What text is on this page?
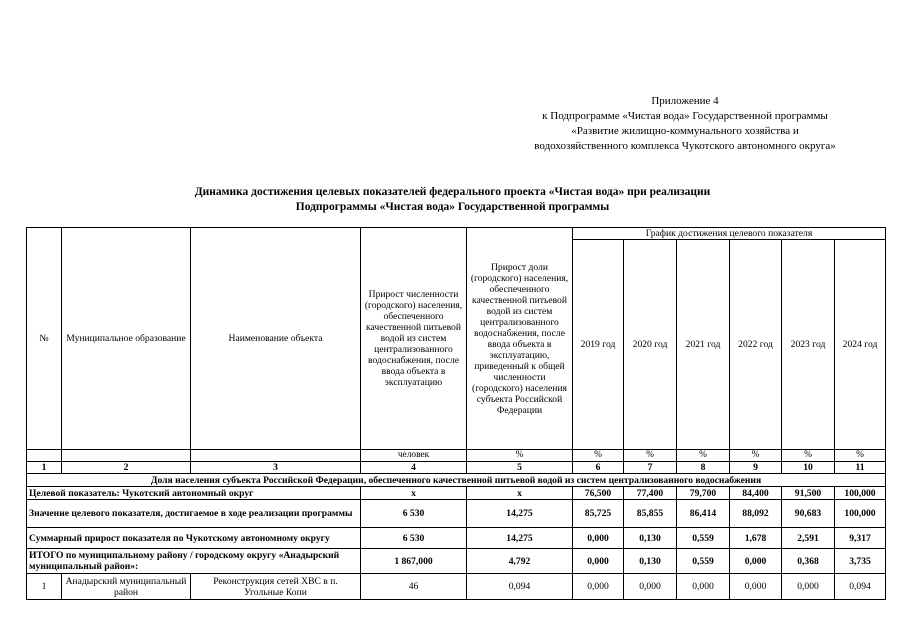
Приложение 4
к Подпрограмме «Чистая вода» Государственной программы
«Развитие жилищно-коммунального хозяйства и
водохозяйственного комплекса Чукотского автономного округа»
Динамика достижения целевых показателей федерального проекта «Чистая вода» при реализации
Подпрограммы «Чистая вода» Государственной программы
№	Муниципальное образование	Наименование объекта	Прирост численности (городского) населения, обеспеченного качественной питьевой водой из систем централизованного водоснабжения, после ввода объекта в эксплуатацию	Прирост доли (городского) населения, обеспеченного качественной питьевой водой из систем централизованного водоснабжения, после ввода объекта в эксплуатацию, приведенный к общей численности (городского) населения субъекта Российской Федерации	График достижения целевого показателя					
					2019 год	2020 год	2021 год	2022 год	2023 год	2024 год
			человек	%	%	%	%	%	%	%
1	2	3	4	5	6	7	8	9	10	11
Доля населения субъекта Российской Федерации, обеспеченного качественной питьевой водой из систем централизованного водоснабжения										
Целевой показатель: Чукотский автономный округ			x	x	76,500	77,400	79,700	84,400	91,500	100,000
Значение целевого показателя, достигаемое в ходе реализации программы			6 530	14,275	85,725	85,855	86,414	88,092	90,683	100,000
Суммарный прирост показателя по Чукотскому автономному округу			6 530	14,275	0,000	0,130	0,559	1,678	2,591	9,317
ИТОГО по муниципальному району / городскому округу «Анадырский муниципальный район»:			1 867,000	4,792	0,000	0,130	0,559	0,000	0,368	3,735
1	Анадырский муниципальный район	Реконструкция сетей ХВС в п. Угольные Копи	46	0,094	0,000	0,000	0,000	0,000	0,000	0,094
